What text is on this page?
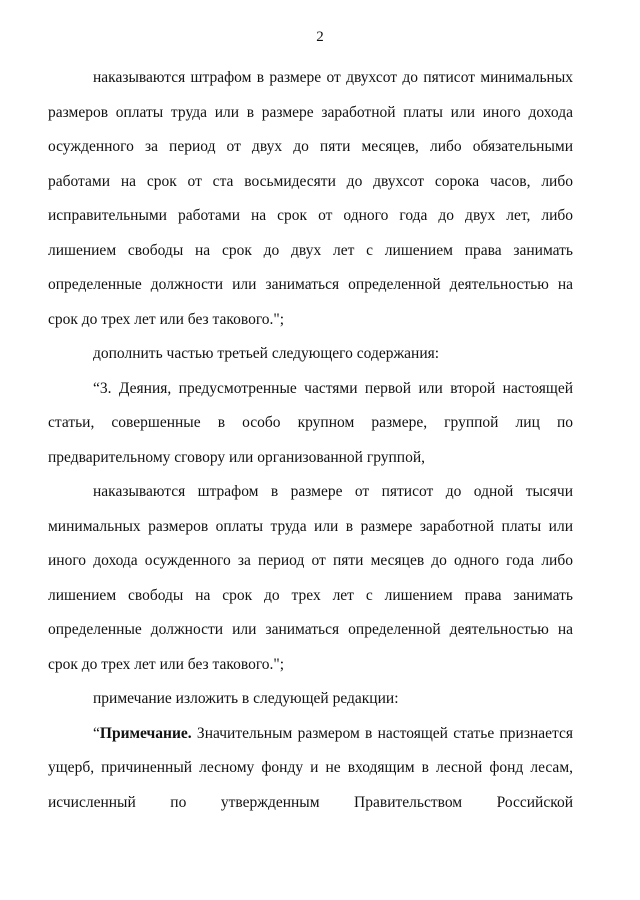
2

наказываются штрафом в размере от двухсот до пятисот минимальных размеров оплаты труда или в размере заработной платы или иного дохода осужденного за период от двух до пяти месяцев, либо обязательными работами на срок от ста восьмидесяти до двухсот сорока часов, либо исправительными работами на срок от одного года до двух лет, либо лишением свободы на срок до двух лет с лишением права занимать определенные должности или заниматься определенной деятельностью на срок до трех лет или без такового.";

дополнить частью третьей следующего содержания:

“3. Деяния, предусмотренные частями первой или второй настоящей статьи, совершенные в особо крупном размере, группой лиц по предварительному сговору или организованной группой,

наказываются штрафом в размере от пятисот до одной тысячи минимальных размеров оплаты труда или в размере заработной платы или иного дохода осужденного за период от пяти месяцев до одного года либо лишением свободы на срок до трех лет с лишением права занимать определенные должности или заниматься определенной деятельностью на срок до трех лет или без такового.";

примечание изложить в следующей редакции:

“Примечание. Значительным размером в настоящей статье признается ущерб, причиненный лесному фонду и не входящим в лесной фонд лесам, исчисленный по утвержденным Правительством Российской
